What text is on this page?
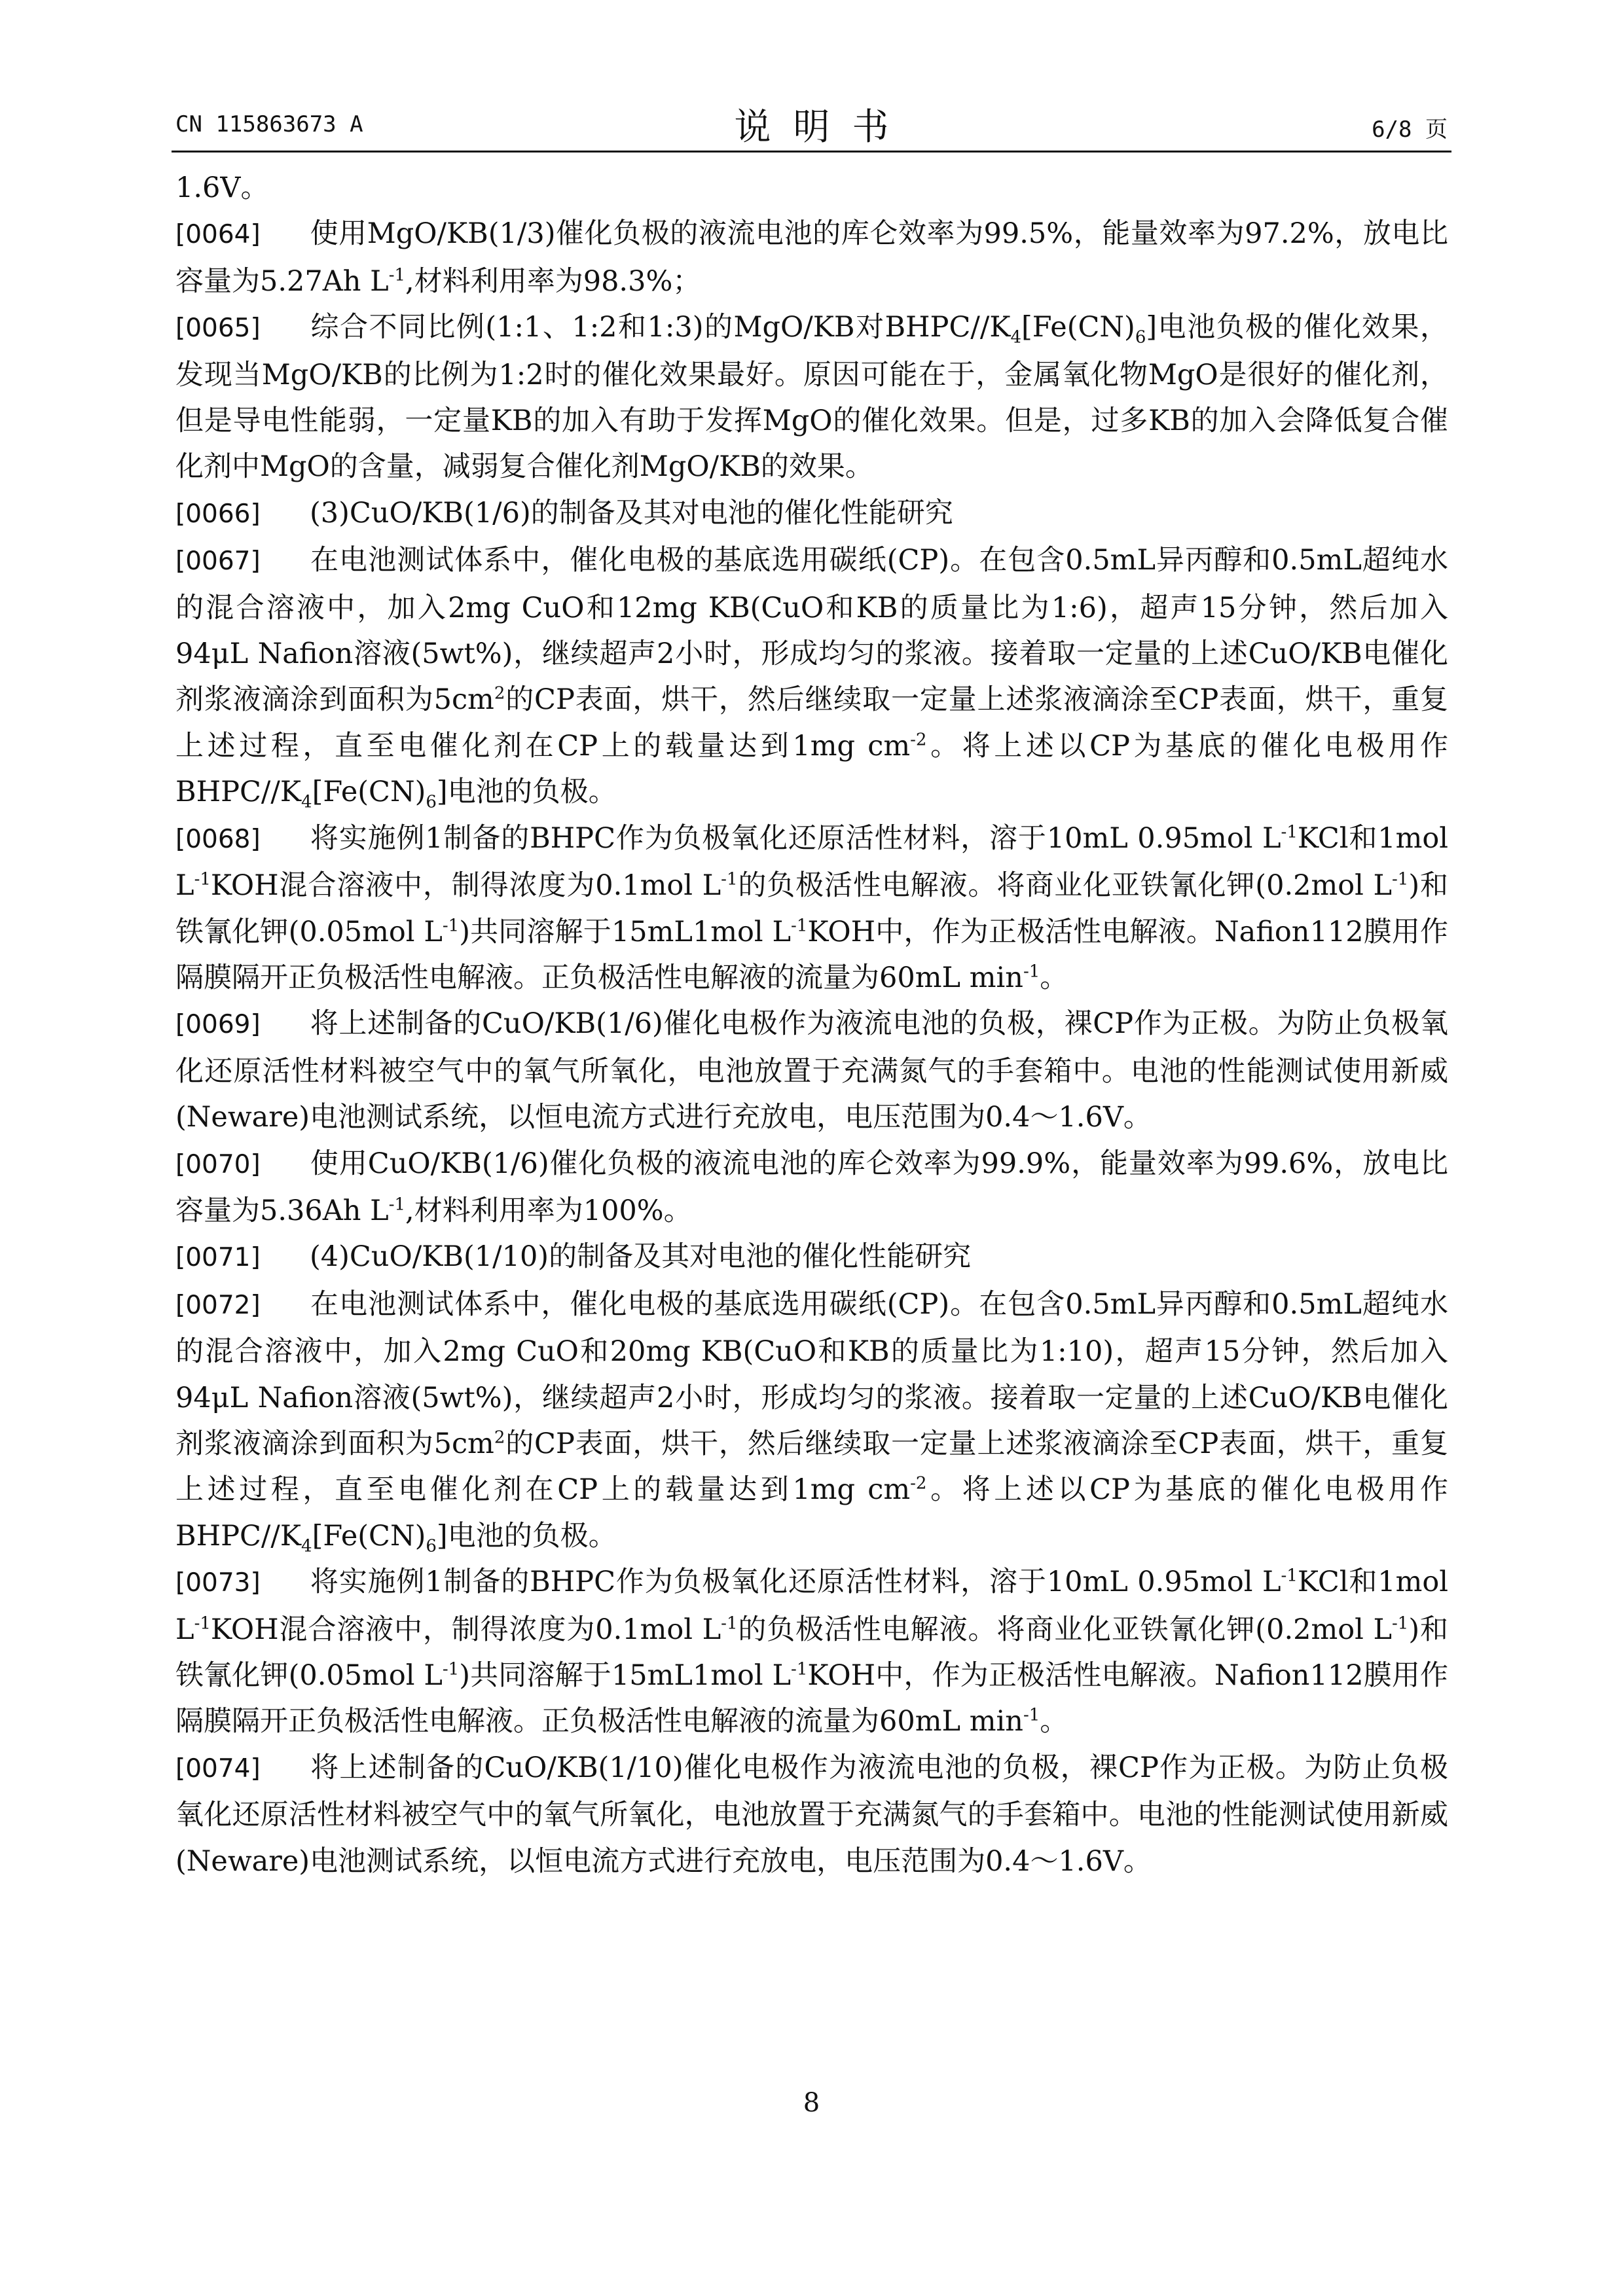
CN 115863673 A	说明书	6/8 页

1.6V。

[0064] 使用MgO/KB(1/3)催化负极的液流电池的库仑效率为99.5%，能量效率为97.2%，放电比容量为5.27Ah $L^{-1}$,材料利用率为98.3%；

[0065] 综合不同比例(1:1、1:2和1:3)的MgO/KB对BHPC/$/K_4[Fe(CN)_6]$电池负极的催化效果，发现当MgO/KB的比例为1:2时的催化效果最好。原因可能在于，金属氧化物MgO是很好的催化剂，但是导电性能弱，一定量KB的加入有助于发挥MgO的催化效果。但是，过多KB的加入会降低复合催化剂中MgO的含量，减弱复合催化剂MgO/KB的效果。

[0066] (3)CuO/KB(1/6)的制备及其对电池的催化性能研究

[0067] 在电池测试体系中，催化电极的基底选用碳纸(CP)。在包含0.5mL异丙醇和0.5mL超纯水的混合溶液中，加入2mg CuO和12mg KB(CuO和KB的质量比为1:6)，超声15分钟，然后加入94μL Nafion溶液(5wt%)，继续超声2小时，形成均匀的浆液。接着取一定量的上述CuO/KB电催化剂浆液滴涂到面积为$5cm^2$的CP表面，烘干，然后继续取一定量上述浆液滴涂至CP表面，烘干，重复上述过程，直至电催化剂在CP上的载量达到1mg $cm^{-2}$。将上述以CP为基底的催化电极用作BHPC/$/K_4[Fe(CN)_6]$电池的负极。

[0068] 将实施例1制备的BHPC作为负极氧化还原活性材料，溶于10mL 0.95mol $L^{-1}KCl$和1mol $L^{-1}KOH$混合溶液中，制得浓度为0.1mol $L^{-1}$的负极活性电解液。将商业化亚铁氰化钾(0.2mol $L^{-1}$)和铁氰化钾(0.05mol $L^{-1}$)共同溶解于15mL1mol $L^{-1}KOH$中，作为正极活性电解液。Nafion112膜用作隔膜隔开正负极活性电解液。正负极活性电解液的流量为60mL $\min^{-1}$。

[0069] 将上述制备的CuO/KB(1/6)催化电极作为液流电池的负极，裸CP作为正极。为防止负极氧化还原活性材料被空气中的氧气所氧化，电池放置于充满氮气的手套箱中。电池的性能测试使用新威(Neware)电池测试系统，以恒电流方式进行充放电，电压范围为0.4～1.6V。

[0070] 使用CuO/KB(1/6)催化负极的液流电池的库仑效率为99.9%，能量效率为99.6%，放电比容量为5.36Ah $L^{-1}$,材料利用率为100%。

[0071] (4)CuO/KB(1/10)的制备及其对电池的催化性能研究

[0072] 在电池测试体系中，催化电极的基底选用碳纸(CP)。在包含0.5mL异丙醇和0.5mL超纯水的混合溶液中，加入2mg CuO和20mg KB(CuO和KB的质量比为1:10)，超声15分钟，然后加入94μL Nafion溶液(5wt%)，继续超声2小时，形成均匀的浆液。接着取一定量的上述CuO/KB电催化剂浆液滴涂到面积为$5cm^2$的CP表面，烘干，然后继续取一定量上述浆液滴涂至CP表面，烘干，重复上述过程，直至电催化剂在CP上的载量达到1mg $cm^{-2}$。将上述以CP为基底的催化电极用作BHPC/$/K_4[Fe(CN)_6]$电池的负极。

[0073] 将实施例1制备的BHPC作为负极氧化还原活性材料，溶于10mL 0.95mol $L^{-1}KCl$和1mol $L^{-1}KOH$混合溶液中，制得浓度为0.1mol $L^{-1}$的负极活性电解液。将商业化亚铁氰化钾(0.2mol $L^{-1}$)和铁氰化钾(0.05mol $L^{-1}$)共同溶解于15mL1mol $L^{-1}KOH$中，作为正极活性电解液。Nafion112膜用作隔膜隔开正负极活性电解液。正负极活性电解液的流量为60mL $\min^{-1}$。

[0074] 将上述制备的CuO/KB(1/10)催化电极作为液流电池的负极，裸CP作为正极。为防止负极氧化还原活性材料被空气中的氧气所氧化，电池放置于充满氮气的手套箱中。电池的性能测试使用新威(Neware)电池测试系统，以恒电流方式进行充放电，电压范围为0.4～1.6V。

8
